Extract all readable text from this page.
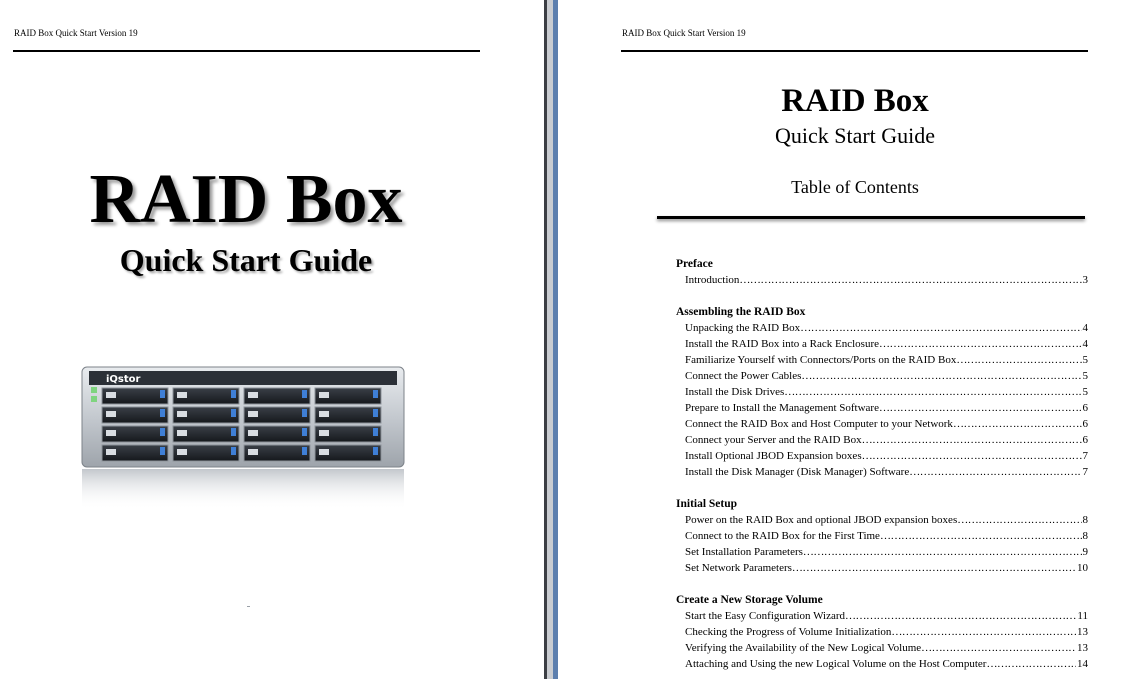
RAID Box Quick Start Version 19
RAID Box
Quick Start Guide
iQstor
RAID Box Quick Start Version 19
RAID Box
Quick Start Guide
Table of Contents
Preface
Introduction ……………………………………………………………………………………………………………………………………………………………………	3
Assembling the RAID Box
Unpacking the RAID Box ……………………………………………………………………………………………………………………………………………………………………	4
Install the RAID Box into a Rack Enclosure ……………………………………………………………………………………………………………………………………………………………………	4
Familiarize Yourself with Connectors/Ports on the RAID Box ……………………………………………………………………………………………………………………………………………………………………	5
Connect the Power Cables ……………………………………………………………………………………………………………………………………………………………………	5
Install the Disk Drives ……………………………………………………………………………………………………………………………………………………………………	5
Prepare to Install the Management Software ……………………………………………………………………………………………………………………………………………………………………	6
Connect the RAID Box and Host Computer to your Network ……………………………………………………………………………………………………………………………………………………………………	6
Connect your Server and the RAID Box ……………………………………………………………………………………………………………………………………………………………………	6
Install Optional JBOD Expansion boxes ……………………………………………………………………………………………………………………………………………………………………	7
Install the Disk Manager (Disk Manager) Software ……………………………………………………………………………………………………………………………………………………………………	7
Initial Setup
Power on the RAID Box and optional JBOD expansion boxes ……………………………………………………………………………………………………………………………………………………………………	8
Connect to the RAID Box for the First Time ……………………………………………………………………………………………………………………………………………………………………	8
Set Installation Parameters ……………………………………………………………………………………………………………………………………………………………………	9
Set Network Parameters ……………………………………………………………………………………………………………………………………………………………………	10
Create a New Storage Volume
Start the Easy Configuration Wizard ……………………………………………………………………………………………………………………………………………………………………	11
Checking the Progress of Volume Initialization ……………………………………………………………………………………………………………………………………………………………………	13
Verifying the Availability of the New Logical Volume ……………………………………………………………………………………………………………………………………………………………………	13
Attaching and Using the new Logical Volume on the Host Computer ……………………………………………………………………………………………………………………………………………………………………	14
